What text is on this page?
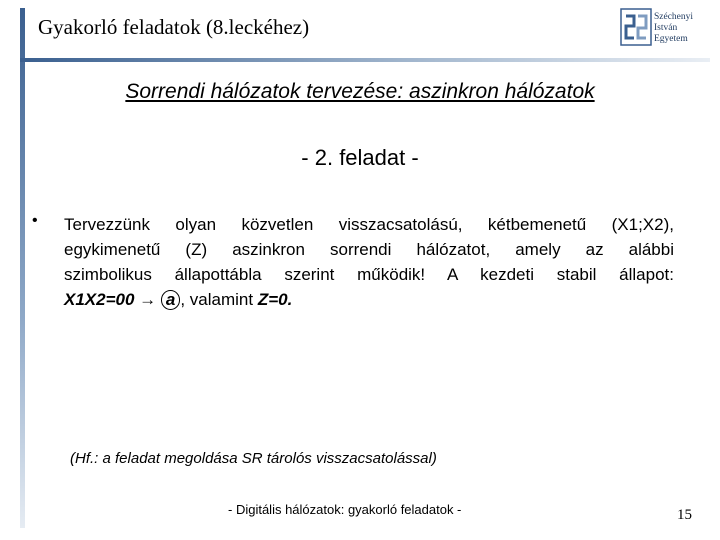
Gyakorló feladatok (8.leckéhez)	Széchenyi
István
Egyetem
Sorrendi hálózatok tervezése: aszinkron hálózatok
- 2. feladat -
• Tervezzünk olyan közvetlen visszacsatolású, kétbemenetű (X1;X2),
egykimenetű (Z) aszinkron sorrendi hálózatot, amely az alábbi
szimbolikus állapottábla szerint működik! A kezdeti stabil állapot:
X1X2=00 → a , valamint Z=0.
(Hf.: a feladat megoldása SR tárolós visszacsatolással)
- Digitális hálózatok: gyakorló feladatok -	15
